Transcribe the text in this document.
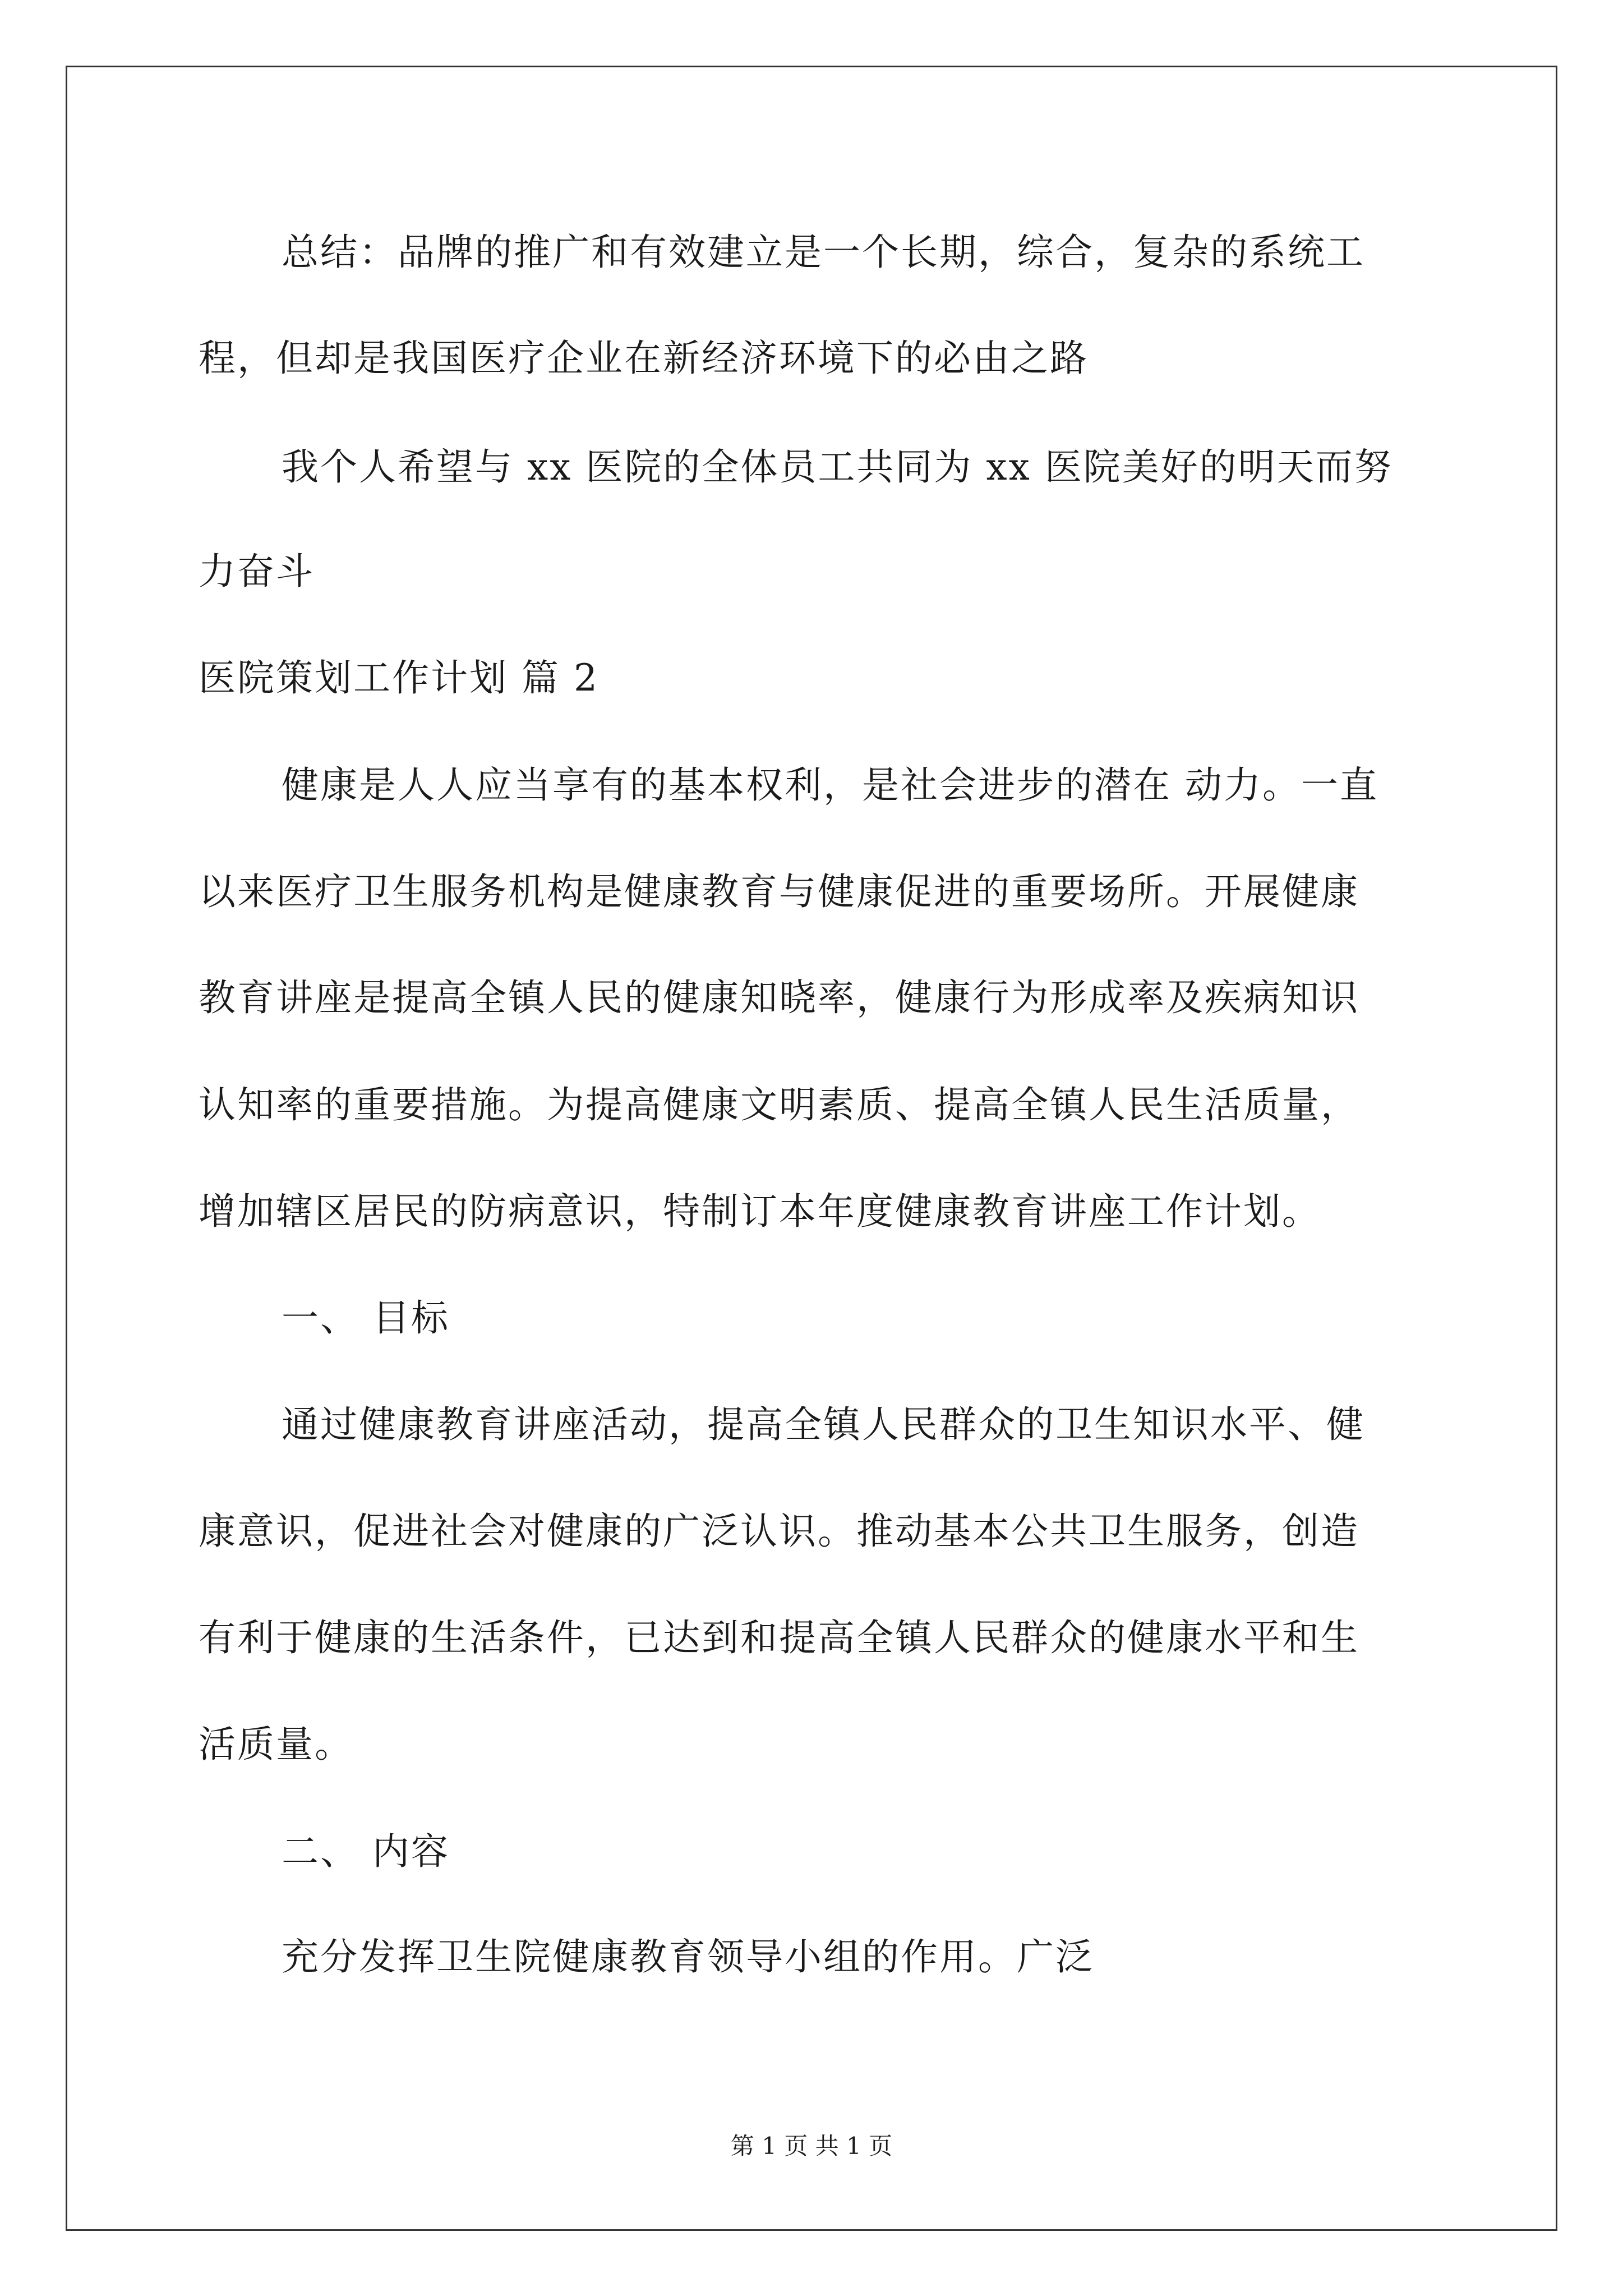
总结：品牌的推广和有效建立是一个长期，综合，复杂的系统工
程，但却是我国医疗企业在新经济环境下的必由之路
我个人希望与 xx 医院的全体员工共同为 xx 医院美好的明天而努
力奋斗
医院策划工作计划 篇 2
健康是人人应当享有的基本权利，是社会进步的潜在 动力。一直
以来医疗卫生服务机构是健康教育与健康促进的重要场所。开展健康
教育讲座是提高全镇人民的健康知晓率，健康行为形成率及疾病知识
认知率的重要措施。为提高健康文明素质、提高全镇人民生活质量，
增加辖区居民的防病意识，特制订本年度健康教育讲座工作计划。
一、 目标
通过健康教育讲座活动，提高全镇人民群众的卫生知识水平、健
康意识，促进社会对健康的广泛认识。推动基本公共卫生服务，创造
有利于健康的生活条件，已达到和提高全镇人民群众的健康水平和生
活质量。
二、 内容
充分发挥卫生院健康教育领导小组的作用。广泛
第 1 页 共 1 页
